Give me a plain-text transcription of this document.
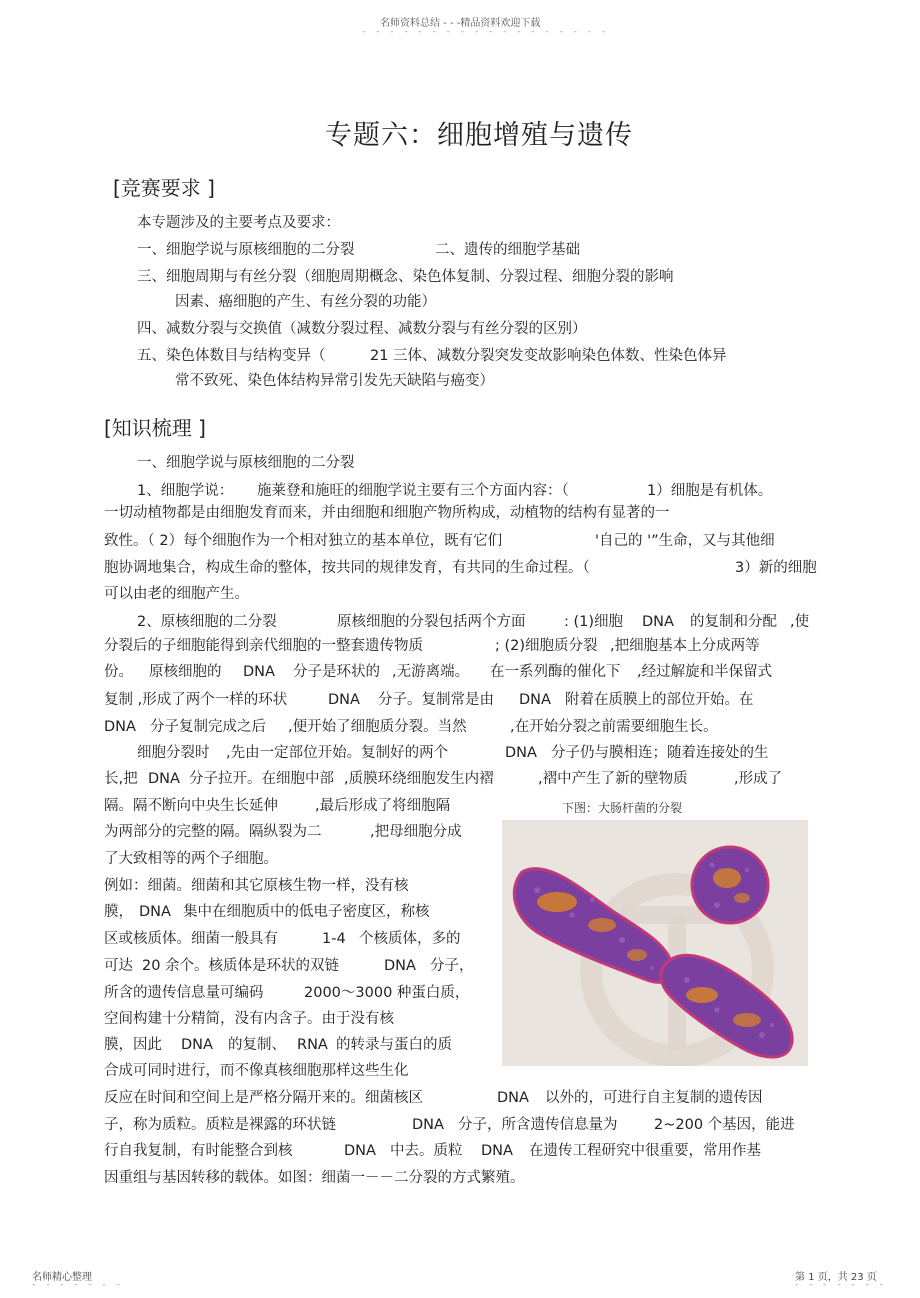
名师资料总结 - - -精品资料欢迎下载
- - - - - - - - - - - - - - - - - -
专题六：细胞增殖与遗传
[竞赛要求 ]
本专题涉及的主要考点及要求：
一、细胞学说与原核细胞的二分裂	二、遗传的细胞学基础
三、细胞周期与有丝分裂（细胞周期概念、染色体复制、分裂过程、细胞分裂的影响
因素、癌细胞的产生、有丝分裂的功能）
四、减数分裂与交换值（减数分裂过程、减数分裂与有丝分裂的区别）
五、染色体数目与结构变异（	21 三体、减数分裂突发变故影响染色体数、性染色体异
常不致死、染色体结构异常引发先天缺陷与癌变）
[知识梳理 ]
一、细胞学说与原核细胞的二分裂
1、细胞学说： 施莱登和施旺的细胞学说主要有三个方面内容：（	1）细胞是有机体。
一切动植物都是由细胞发育而来，并由细胞和细胞产物所构成，动植物的结构有显著的一
致性。（ 2）每个细胞作为一个相对独立的基本单位，既有它们	'自己的 '”生命，又与其他细
胞协调地集合，构成生命的整体，按共同的规律发育，有共同的生命过程。（	3）新的细胞
可以由老的细胞产生。
2、原核细胞的二分裂	原核细胞的分裂包括两个方面	: (1)细胞 DNA 的复制和分配 ,使
分裂后的子细胞能得到亲代细胞的一整套遗传物质	; (2)细胞质分裂 ,把细胞基本上分成两等
份。 原核细胞的 DNA 分子是环状的 ,无游离端。 在一系列酶的催化下 ,经过解旋和半保留式
复制 ,形成了两个一样的环状	DNA 分子。复制常是由 DNA 附着在质膜上的部位开始。在
DNA 分子复制完成之后 ,便开始了细胞质分裂。当然	,在开始分裂之前需要细胞生长。
细胞分裂时 ,先由一定部位开始。复制好的两个	DNA 分子仍与膜相连；随着连接处的生
长,把 DNA 分子拉开。在细胞中部 ,质膜环绕细胞发生内褶	,褶中产生了新的壁物质	,形成了
隔。隔不断向中央生长延伸	,最后形成了将细胞隔	下图：大肠杆菌的分裂
为两部分的完整的隔。隔纵裂为二	,把母细胞分成
了大致相等的两个子细胞。
例如：细菌。细菌和其它原核生物一样，没有核
膜， DNA 集中在细胞质中的低电子密度区，称核
区或核质体。细菌一般具有	1-4 个核质体，多的
可达 20 余个。核质体是环状的双链	DNA 分子，
所含的遗传信息量可编码	2000～3000 种蛋白质，
空间构建十分精简，没有内含子。由于没有核
膜，因此 DNA 的复制、 RNA 的转录与蛋白的质
合成可同时进行，而不像真核细胞那样这些生化
反应在时间和空间上是严格分隔开来的。细菌核区	DNA 以外的，可进行自主复制的遗传因
子，称为质粒。质粒是裸露的环状链	DNA 分子，所含遗传信息量为	2~200 个基因，能进
行自我复制，有时能整合到核	DNA 中去。质粒 DNA 在遗传工程研究中很重要，常用作基
因重组与基因转移的载体。如图：细菌一－－二分裂的方式繁殖。
名师精心整理
- - - - - - -
第 1 页，共 23 页
- - - - - - -
